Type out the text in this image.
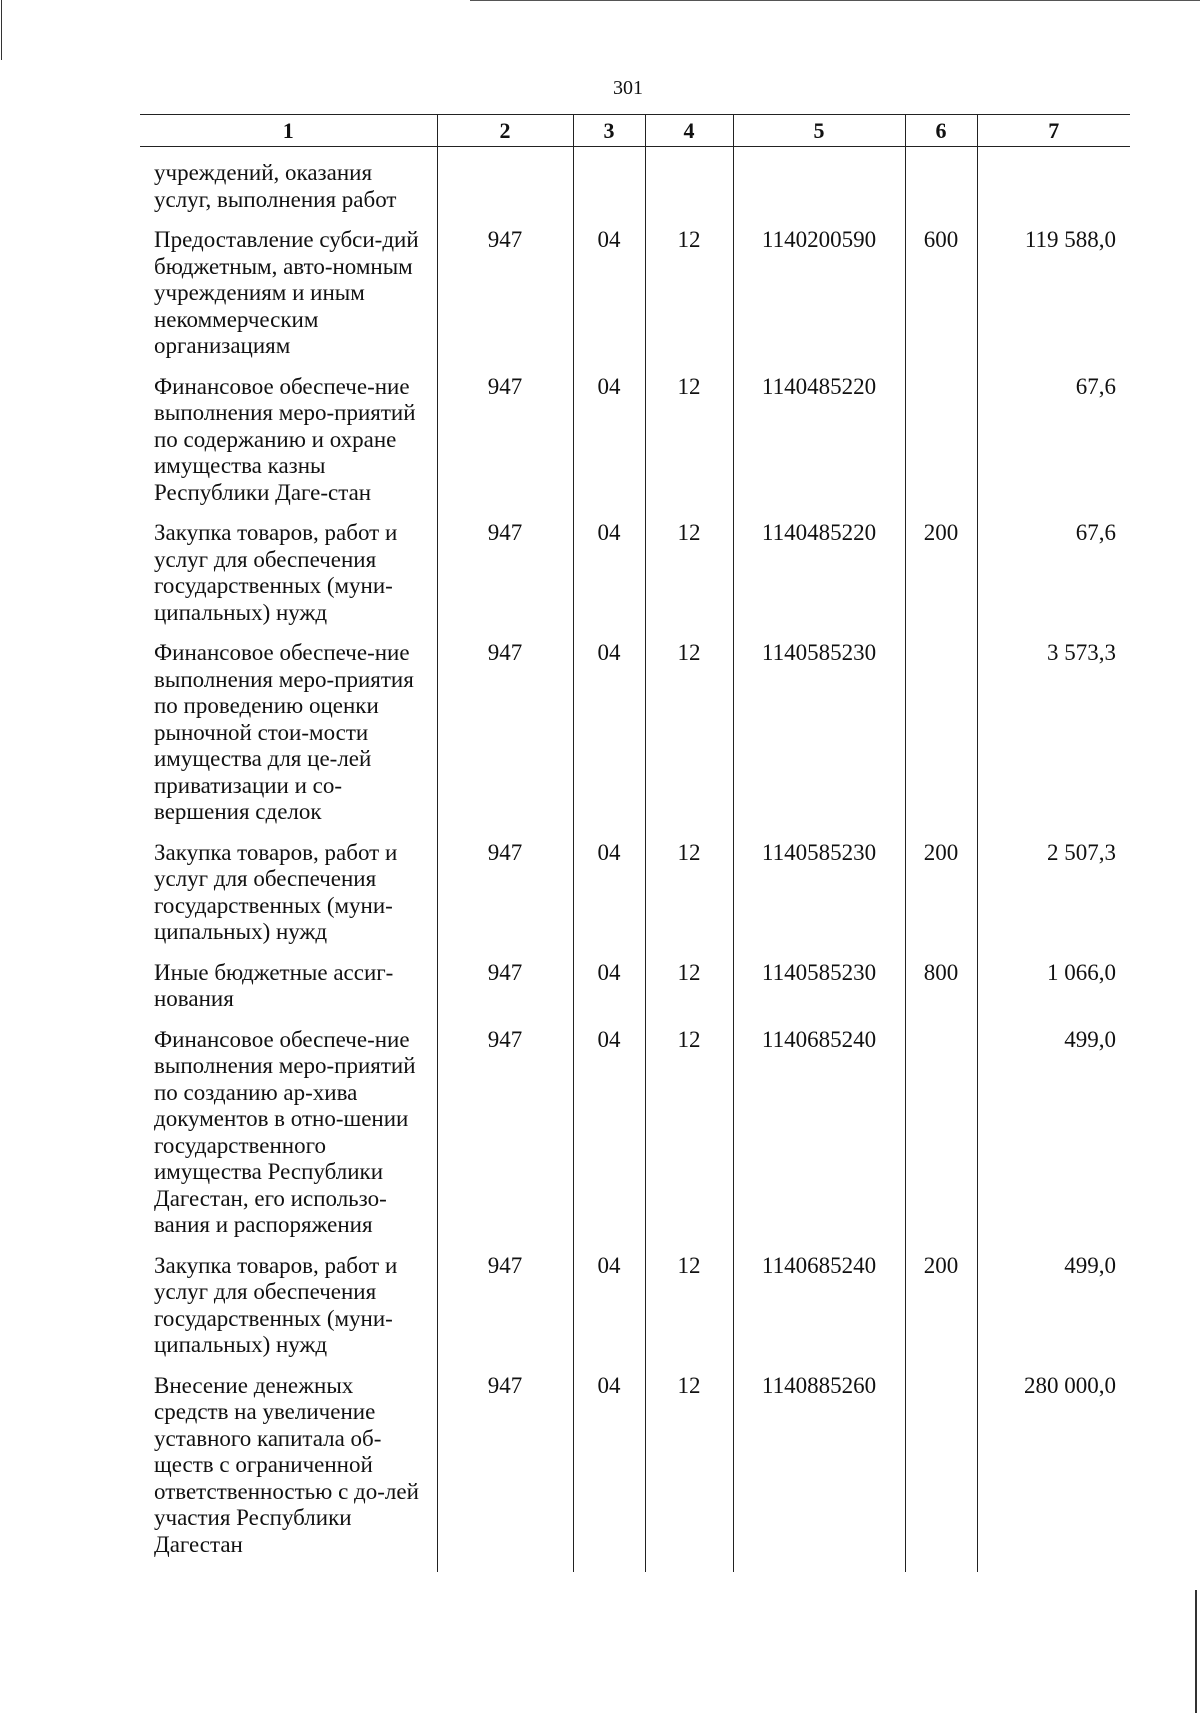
301
1	2	3	4	5	6	7
учреждений, оказания услуг, выполнения работ						
Предоставление субси-дий бюджетным, авто-номным учреждениям и иным некоммерческим организациям	947	04	12	1140200590	600	119 588,0
Финансовое обеспече-ние выполнения меро-приятий по содержанию и охране имущества казны Республики Даге-стан	947	04	12	1140485220		67,6
Закупка товаров, работ и услуг для обеспечения государственных (муни-ципальных) нужд	947	04	12	1140485220	200	67,6
Финансовое обеспече-ние выполнения меро-приятия по проведению оценки рыночной стои-мости имущества для це-лей приватизации и со-вершения сделок	947	04	12	1140585230		3 573,3
Закупка товаров, работ и услуг для обеспечения государственных (муни-ципальных) нужд	947	04	12	1140585230	200	2 507,3
Иные бюджетные ассиг-нования	947	04	12	1140585230	800	1 066,0
Финансовое обеспече-ние выполнения меро-приятий по созданию ар-хива документов в отно-шении государственного имущества Республики Дагестан, его использо-вания и распоряжения	947	04	12	1140685240		499,0
Закупка товаров, работ и услуг для обеспечения государственных (муни-ципальных) нужд	947	04	12	1140685240	200	499,0
Внесение денежных средств на увеличение уставного капитала об-ществ с ограниченной ответственностью с до-лей участия Республики Дагестан	947	04	12	1140885260		280 000,0
